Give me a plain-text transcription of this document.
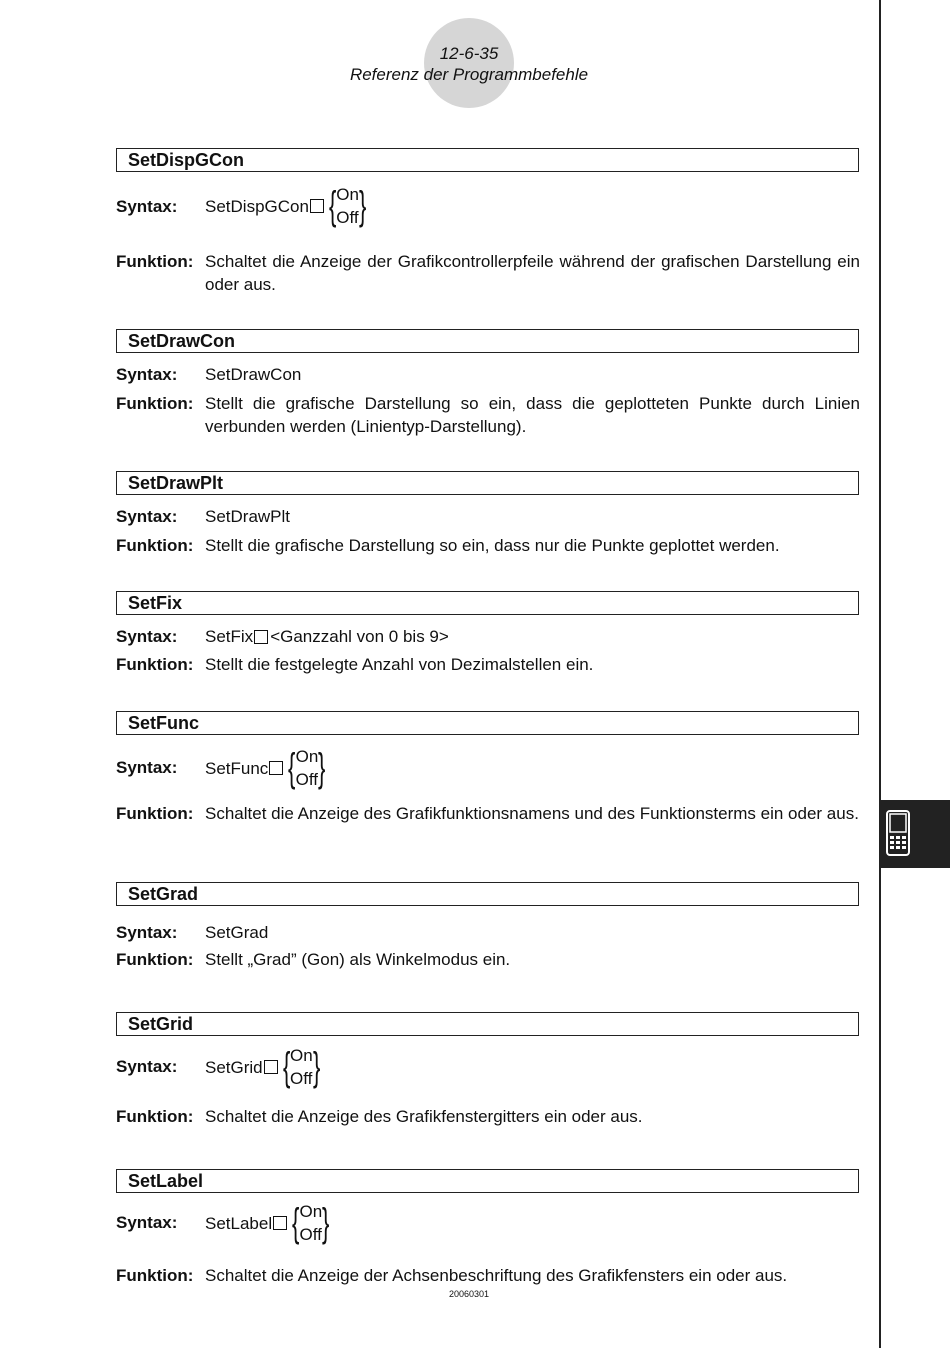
12-6-35
Referenz der Programmbefehle
SetDispGCon
Syntax: SetDispGCon { On
Off }
Funktion: Schaltet die Anzeige der Grafikcontrollerpfeile während der grafischen Darstellung ein oder aus.
SetDrawCon
Syntax: SetDrawCon
Funktion: Stellt die grafische Darstellung so ein, dass die geplotteten Punkte durch Linien verbunden werden (Linientyp-Darstellung).
SetDrawPlt
Syntax: SetDrawPlt
Funktion: Stellt die grafische Darstellung so ein, dass nur die Punkte geplottet werden.
SetFix
Syntax: SetFix <Ganzzahl von 0 bis 9>
Funktion: Stellt die festgelegte Anzahl von Dezimalstellen ein.
SetFunc
Syntax: SetFunc { On
Off }
Funktion: Schaltet die Anzeige des Grafikfunktionsnamens und des Funktionsterms ein oder aus.
SetGrad
Syntax: SetGrad
Funktion: Stellt „Grad” (Gon) als Winkelmodus ein.
SetGrid
Syntax: SetGrid { On
Off }
Funktion: Schaltet die Anzeige des Grafikfenstergitters ein oder aus.
SetLabel
Syntax: SetLabel { On
Off }
Funktion: Schaltet die Anzeige der Achsenbeschriftung des Grafikfensters ein oder aus.
20060301
